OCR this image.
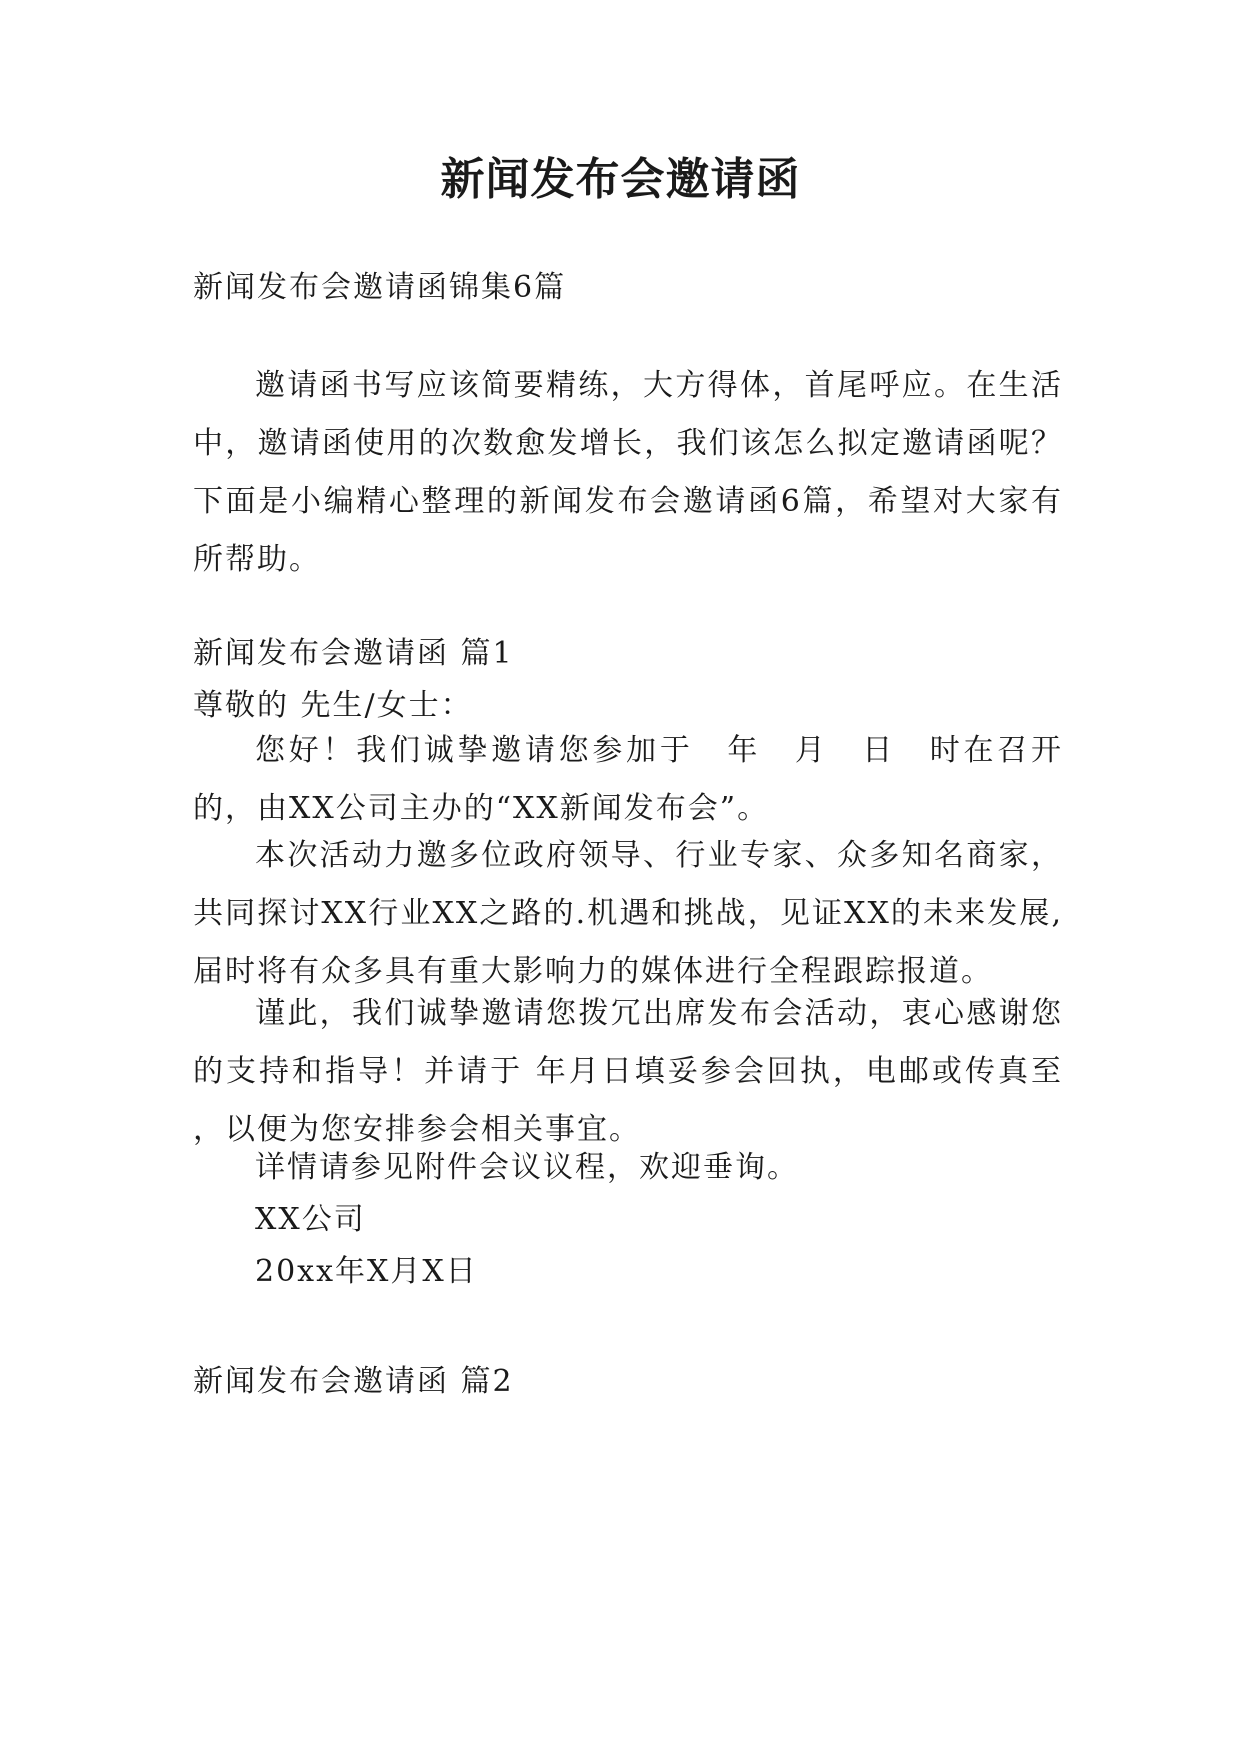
新闻发布会邀请函
新闻发布会邀请函锦集6篇

邀请函书写应该简要精练，大方得体，首尾呼应。在生活中，邀请函使用的次数愈发增长，我们该怎么拟定邀请函呢？下面是小编精心整理的新闻发布会邀请函6篇，希望对大家有所帮助。

新闻发布会邀请函 篇1
尊敬的 先生/女士：

您好！我们诚挚邀请您参加于　年　月　日　时在召开的，由XX公司主办的“XX新闻发布会”。

本次活动力邀多位政府领导、行业专家、众多知名商家，共同探讨XX行业XX之路的.机遇和挑战，见证XX的未来发展,届时将有众多具有重大影响力的媒体进行全程跟踪报道。

谨此，我们诚挚邀请您拨冗出席发布会活动，衷心感谢您的支持和指导！并请于 年月日填妥参会回执，电邮或传真至 ，以便为您安排参会相关事宜。

详情请参见附件会议议程，欢迎垂询。
XX公司
20xx年X月X日
新闻发布会邀请函 篇2
